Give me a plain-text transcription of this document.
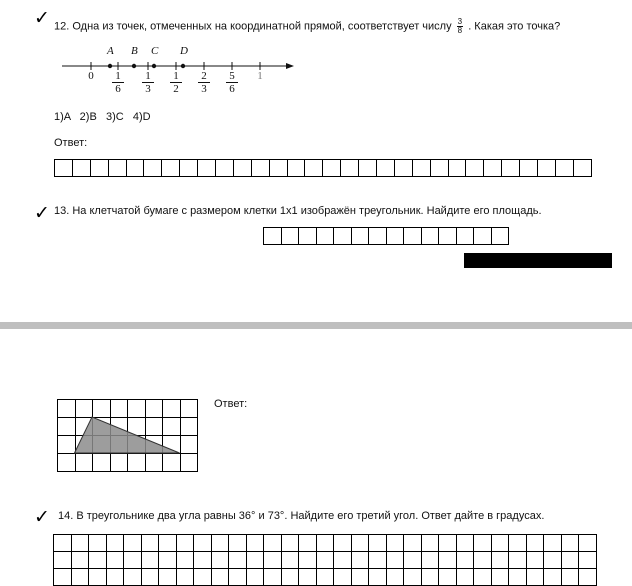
✓ 12. Одна из точек, отмеченных на координатной прямой, соответствует числу $\frac{3}{8}$ . Какая это точка?
A B C D
$0 \frac{1}{6} \frac{1}{3} \frac{1}{2} \frac{2}{3} \frac{5}{6} 1$
1)A   2)B   3)C   4)D
Ответ:
✓ 13. На клетчатой бумаге с размером клетки 1х1 изображён треугольник. Найдите его площадь.
Ответ:
✓ 14. В треугольнике два угла равны 36° и 73°. Найдите его третий угол. Ответ дайте в градусах.
